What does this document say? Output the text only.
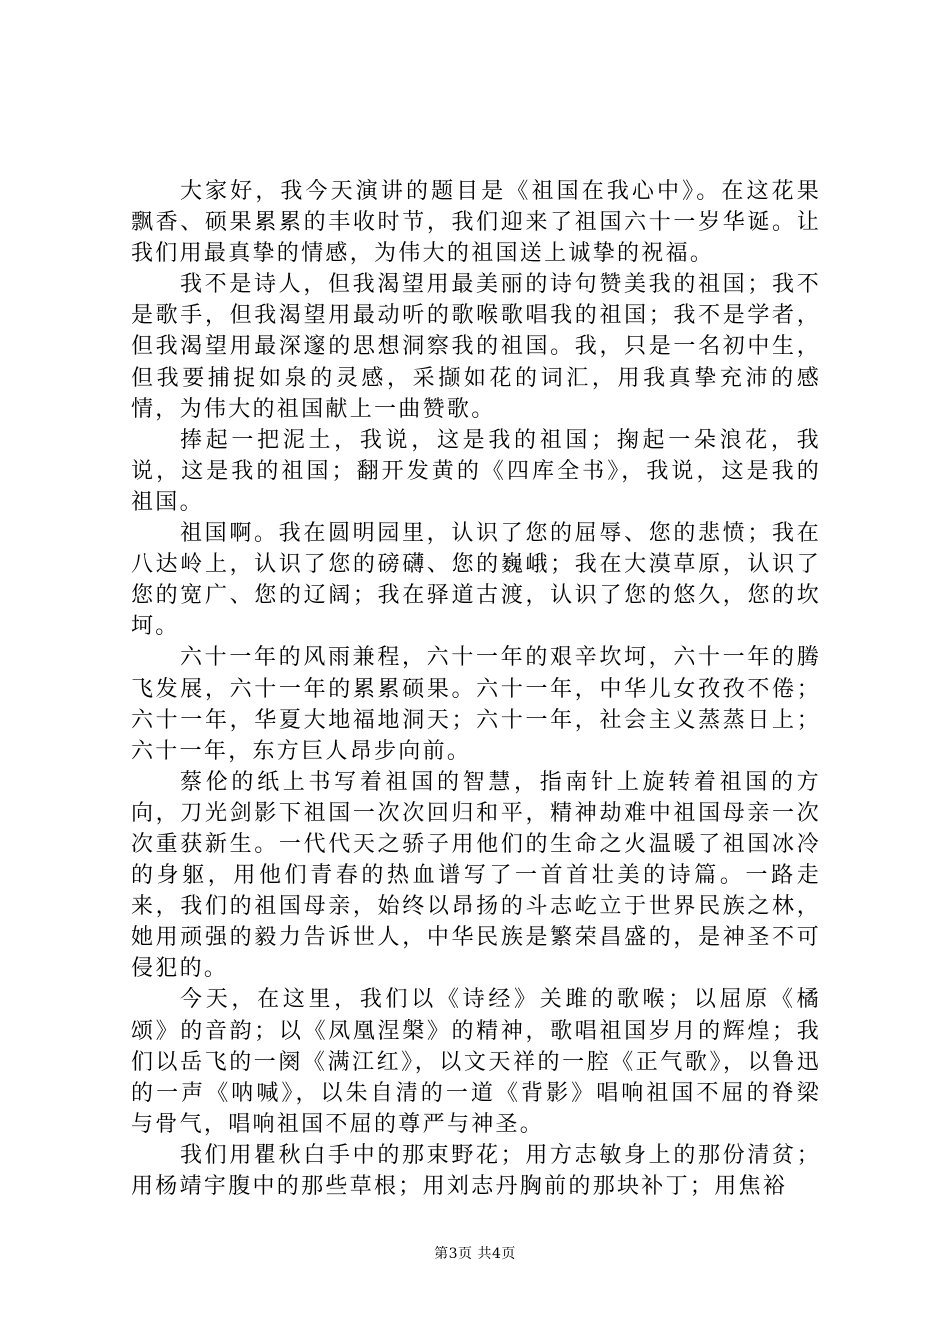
大家好，我今天演讲的题目是《祖国在我心中》。在这花果飘香、硕果累累的丰收时节，我们迎来了祖国六十一岁华诞。让我们用最真挚的情感，为伟大的祖国送上诚挚的祝福。

我不是诗人，但我渴望用最美丽的诗句赞美我的祖国；我不是歌手，但我渴望用最动听的歌喉歌唱我的祖国；我不是学者，但我渴望用最深邃的思想洞察我的祖国。我，只是一名初中生，但我要捕捉如泉的灵感，采撷如花的词汇，用我真挚充沛的感情，为伟大的祖国献上一曲赞歌。

捧起一把泥土，我说，这是我的祖国；掬起一朵浪花，我说，这是我的祖国；翻开发黄的《四库全书》，我说，这是我的祖国。

祖国啊。我在圆明园里，认识了您的屈辱、您的悲愤；我在八达岭上，认识了您的磅礴、您的巍峨；我在大漠草原，认识了您的宽广、您的辽阔；我在驿道古渡，认识了您的悠久，您的坎坷。

六十一年的风雨兼程，六十一年的艰辛坎坷，六十一年的腾飞发展，六十一年的累累硕果。六十一年，中华儿女孜孜不倦；六十一年，华夏大地福地洞天；六十一年，社会主义蒸蒸日上；六十一年，东方巨人昂步向前。

蔡伦的纸上书写着祖国的智慧，指南针上旋转着祖国的方向，刀光剑影下祖国一次次回归和平，精神劫难中祖国母亲一次次重获新生。一代代天之骄子用他们的生命之火温暖了祖国冰冷的身躯，用他们青春的热血谱写了一首首壮美的诗篇。一路走来，我们的祖国母亲，始终以昂扬的斗志屹立于世界民族之林，她用顽强的毅力告诉世人，中华民族是繁荣昌盛的，是神圣不可侵犯的。

今天，在这里，我们以《诗经》关雎的歌喉；以屈原《橘颂》的音韵；以《凤凰涅槃》的精神，歌唱祖国岁月的辉煌；我们以岳飞的一阕《满江红》，以文天祥的一腔《正气歌》，以鲁迅的一声《呐喊》，以朱自清的一道《背影》唱响祖国不屈的脊梁与骨气，唱响祖国不屈的尊严与神圣。

我们用瞿秋白手中的那束野花；用方志敏身上的那份清贫；用杨靖宇腹中的那些草根；用刘志丹胸前的那块补丁；用焦裕

第3页 共4页
